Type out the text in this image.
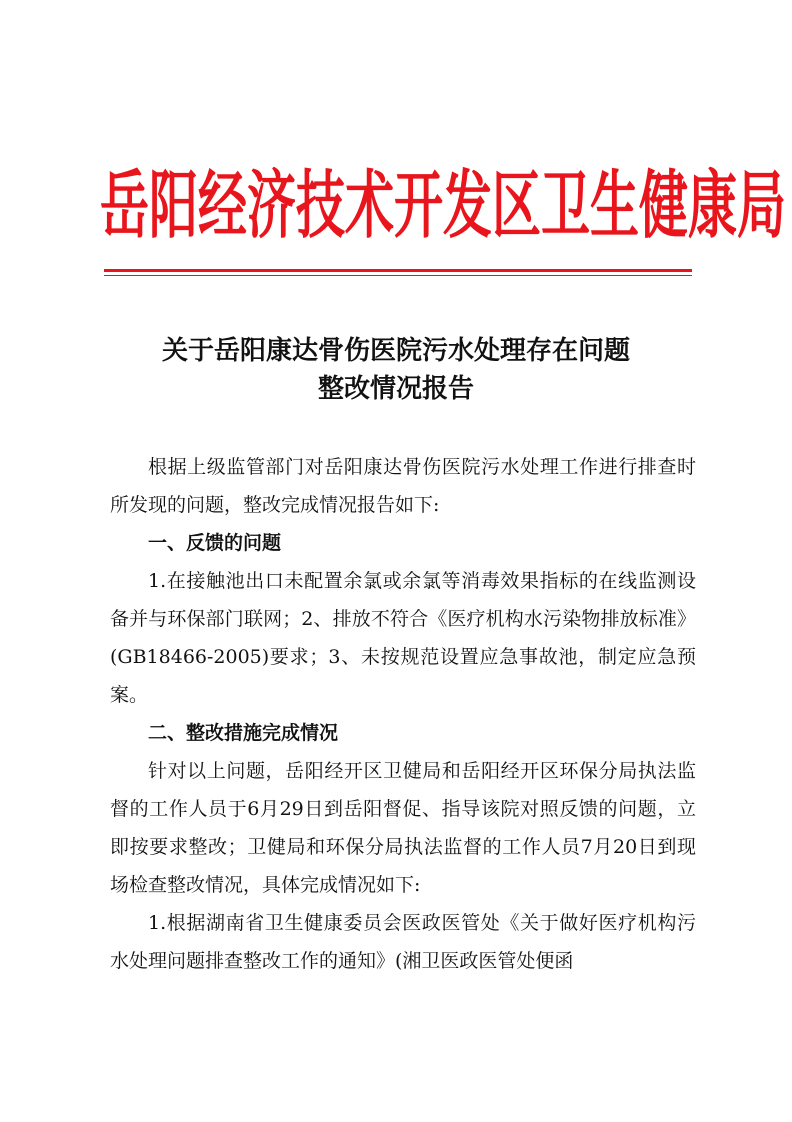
岳阳经济技术开发区卫生健康局
关于岳阳康达骨伤医院污水处理存在问题
整改情况报告

根据上级监管部门对岳阳康达骨伤医院污水处理工作进行排查时所发现的问题，整改完成情况报告如下:

一、反馈的问题

1.在接触池出口未配置余氯或余氯等消毒效果指标的在线监测设备并与环保部门联网；2、排放不符合《医疗机构水污染物排放标准》(GB18466-2005)要求；3、未按规范设置应急事故池，制定应急预案。

二、整改措施完成情况

针对以上问题，岳阳经开区卫健局和岳阳经开区环保分局执法监督的工作人员于6月29日到岳阳督促、指导该院对照反馈的问题，立即按要求整改；卫健局和环保分局执法监督的工作人员7月20日到现场检查整改情况，具体完成情况如下:

1.根据湖南省卫生健康委员会医政医管处《关于做好医疗机构污水处理问题排查整改工作的通知》(湘卫医政医管处便函
